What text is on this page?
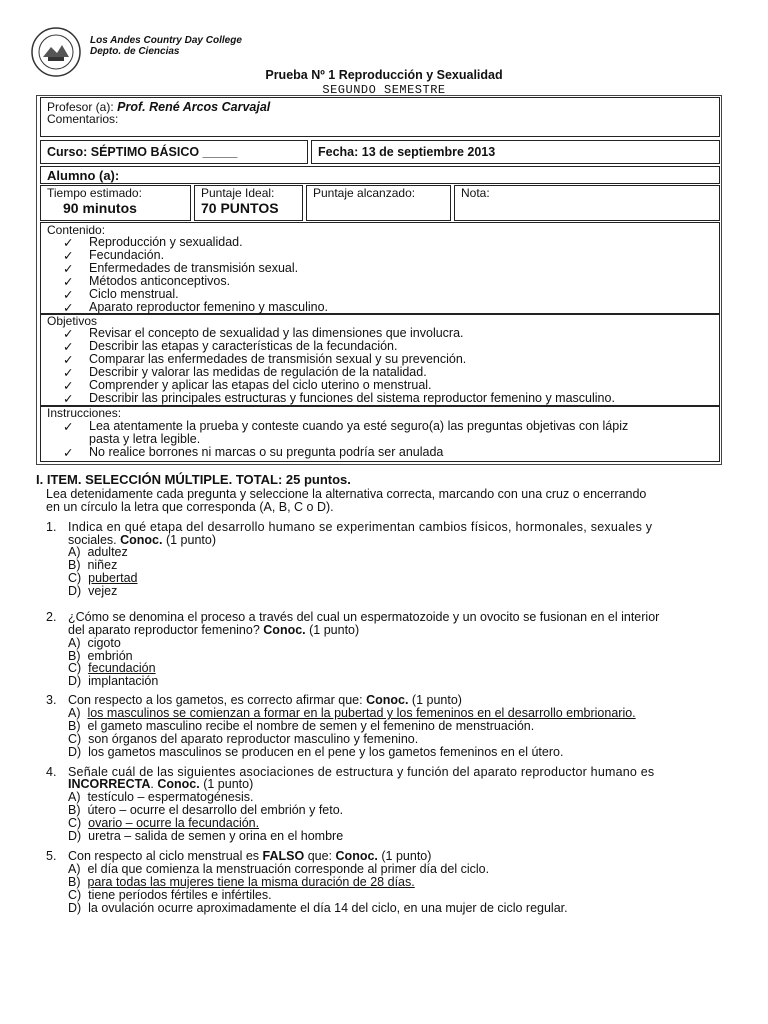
Los Andes Country Day College
Depto. de Ciencias
Prueba Nº 1 Reproducción y Sexualidad
SEGUNDO SEMESTRE
Profesor (a): Prof. René Arcos Carvajal
Comentarios:
Curso: SÉPTIMO BÁSICO _____	Fecha: 13 de septiembre 2013
Alumno (a):
Tiempo estimado:
90 minutos
Puntaje Ideal:
70 PUNTOS
Puntaje alcanzado:	Nota:
Contenido:
✓ Reproducción y sexualidad.
✓ Fecundación.
✓ Enfermedades de transmisión sexual.
✓ Métodos anticonceptivos.
✓ Ciclo menstrual.
✓ Aparato reproductor femenino y masculino.
Objetivos
✓ Revisar el concepto de sexualidad y las dimensiones que involucra.
✓ Describir las etapas y características de la fecundación.
✓ Comparar las enfermedades de transmisión sexual y su prevención.
✓ Describir y valorar las medidas de regulación de la natalidad.
✓ Comprender y aplicar las etapas del ciclo uterino o menstrual.
✓ Describir las principales estructuras y funciones del sistema reproductor femenino y masculino.
Instrucciones:
✓ Lea atentamente la prueba y conteste cuando ya esté seguro(a) las preguntas objetivas con lápiz
pasta y letra legible.
✓ No realice borrones ni marcas o su pregunta podría ser anulada
I. ITEM. SELECCIÓN MÚLTIPLE. TOTAL: 25 puntos.
Lea detenidamente cada pregunta y seleccione la alternativa correcta, marcando con una cruz o encerrando
en un círculo la letra que corresponda (A, B, C o D).
1. Indica en qué etapa del desarrollo humano se experimentan cambios físicos, hormonales, sexuales y
sociales. Conoc. (1 punto)
A) adultez
B) niñez
C) pubertad
D) vejez
2. ¿Cómo se denomina el proceso a través del cual un espermatozoide y un ovocito se fusionan en el interior
del aparato reproductor femenino? Conoc. (1 punto)
A) cigoto
B) embrión
C) fecundación
D) implantación
3. Con respecto a los gametos, es correcto afirmar que: Conoc. (1 punto)
A) los masculinos se comienzan a formar en la pubertad y los femeninos en el desarrollo embrionario.
B) el gameto masculino recibe el nombre de semen y el femenino de menstruación.
C) son órganos del aparato reproductor masculino y femenino.
D) los gametos masculinos se producen en el pene y los gametos femeninos en el útero.
4. Señale cuál de las siguientes asociaciones de estructura y función del aparato reproductor humano es
INCORRECTA. Conoc. (1 punto)
A) testículo – espermatogénesis.
B) útero – ocurre el desarrollo del embrión y feto.
C) ovario – ocurre la fecundación.
D) uretra – salida de semen y orina en el hombre
5. Con respecto al ciclo menstrual es FALSO que: Conoc. (1 punto)
A) el día que comienza la menstruación corresponde al primer día del ciclo.
B) para todas las mujeres tiene la misma duración de 28 días.
C) tiene períodos fértiles e infértiles.
D) la ovulación ocurre aproximadamente el día 14 del ciclo, en una mujer de ciclo regular.
